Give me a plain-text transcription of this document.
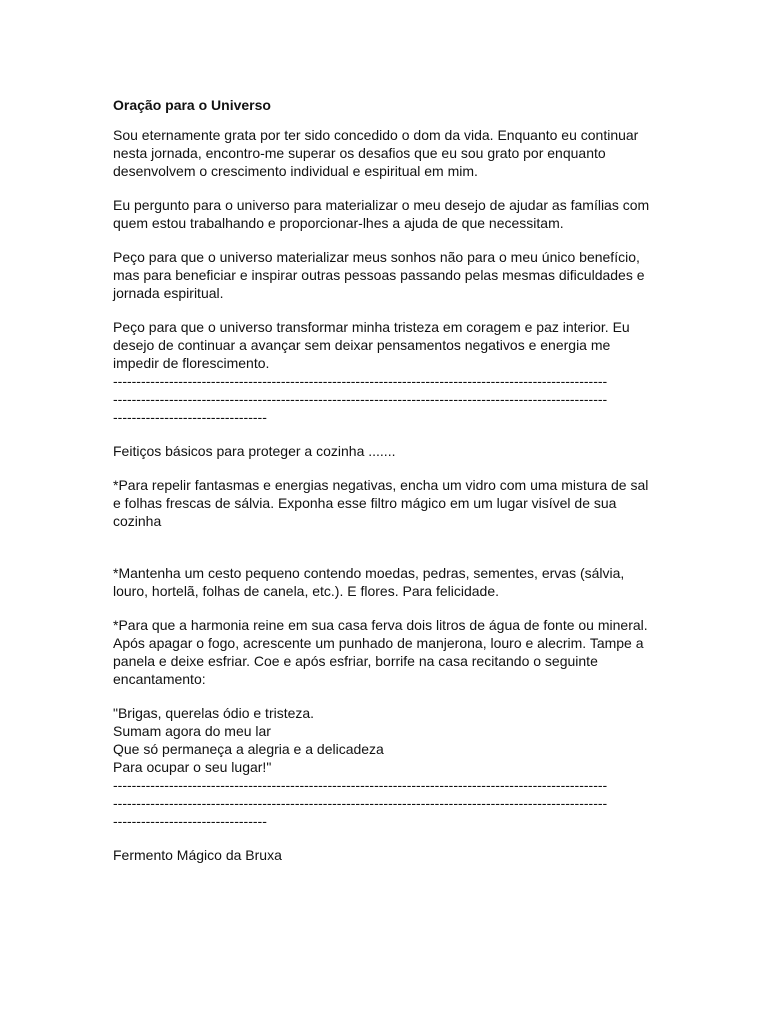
Oração para o Universo
Sou eternamente grata por ter sido concedido o dom da vida. Enquanto eu continuar nesta jornada, encontro-me superar os desafios que eu sou grato por enquanto desenvolvem o crescimento individual e espiritual em mim.
Eu pergunto para o universo para materializar o meu desejo de ajudar as famílias com quem estou trabalhando e proporcionar-lhes a ajuda de que necessitam.
Peço para que o universo materializar meus sonhos não para o meu único benefício, mas para beneficiar e inspirar outras pessoas passando pelas mesmas dificuldades e jornada espiritual.
Peço para que o universo transformar minha tristeza em coragem e paz interior. Eu desejo de continuar a avançar sem deixar pensamentos negativos e energia me impedir de florescimento.
----------------------------------------------------------------------------------------------------------
----------------------------------------------------------------------------------------------------------
---------------------------------
Feitiços básicos para proteger a cozinha .......
*Para repelir fantasmas e energias negativas, encha um vidro com uma mistura de sal e folhas frescas de sálvia. Exponha esse filtro mágico em um lugar visível de sua cozinha
*Mantenha um cesto pequeno contendo moedas, pedras, sementes, ervas (sálvia, louro, hortelã, folhas de canela, etc.). E flores. Para felicidade.
*Para que a harmonia reine em sua casa ferva dois litros de água de fonte ou mineral. Após apagar o fogo, acrescente um punhado de manjerona, louro e alecrim. Tampe a panela e deixe esfriar. Coe e após esfriar, borrife na casa recitando o seguinte encantamento:
"Brigas, querelas ódio e tristeza.
Sumam agora do meu lar
Que só permaneça a alegria e a delicadeza
Para ocupar o seu lugar!"
----------------------------------------------------------------------------------------------------------
----------------------------------------------------------------------------------------------------------
---------------------------------
Fermento Mágico da Bruxa
